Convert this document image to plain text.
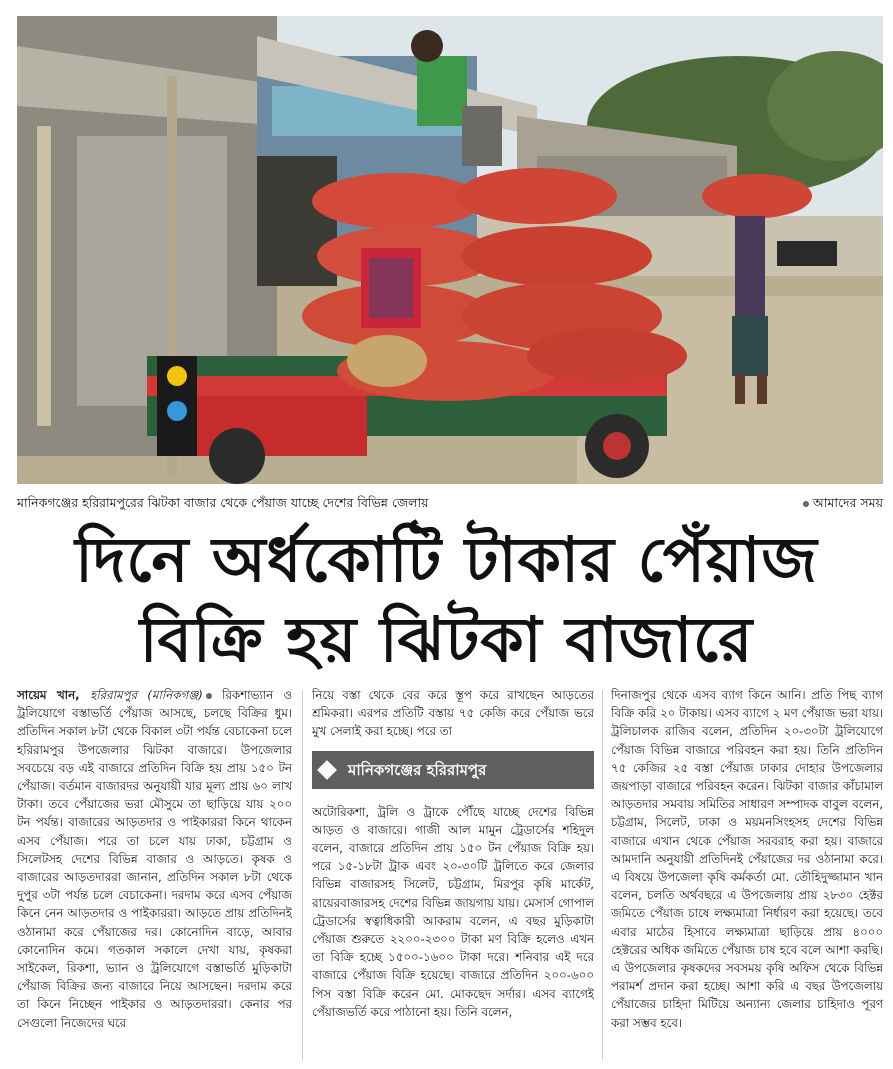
মানিকগঞ্জের হরিরামপুরের ঝিটকা বাজার থেকে পেঁয়াজ যাচ্ছে দেশের বিভিন্ন জেলায়	আমাদের সময়
দিনে অর্ধকোটি টাকার পেঁয়াজ
বিক্রি হয় ঝিটকা বাজারে

সায়েম খান, হরিরামপুর (মানিকগঞ্জ) রিকশাভ্যান ও ট্রলিযোগে বস্তাভর্তি পেঁয়াজ আসছে, চলছে বিক্রির ধুম। প্রতিদিন সকাল ৮টা থেকে বিকাল ৩টা পর্যন্ত বেচাকেনা চলে হরিরামপুর উপজেলার ঝিটকা বাজারে। উপজেলার সবচেয়ে বড় এই বাজারে প্রতিদিন বিক্রি হয় প্রায় ১৫০ টন পেঁয়াজ। বর্তমান বাজারদর অনুযায়ী যার মূল্য প্রায় ৬০ লাখ টাকা। তবে পেঁয়াজের ভরা মৌসুমে তা ছাড়িয়ে যায় ২০০ টন পর্যন্ত। বাজারের আড়তদার ও পাইকাররা কিনে থাকেন এসব পেঁয়াজ। পরে তা চলে যায় ঢাকা, চট্টগ্রাম ও সিলেটসহ দেশের বিভিন্ন বাজার ও আড়তে। কৃষক ও বাজারের আড়তদাররা জানান, প্রতিদিন সকাল ৮টা থেকে দুপুর ৩টা পর্যন্ত চলে বেচাকেনা। দরদাম করে এসব পেঁয়াজ কিনে নেন আড়তদার ও পাইকাররা। আড়তে প্রায় প্রতিদিনই ওঠানামা করে পেঁয়াজের দর। কোনোদিন বাড়ে, আবার কোনোদিন কমে। গতকাল সকালে দেখা যায়, কৃষকরা সাইকেল, রিকশা, ভ্যান ও ট্রলিযোগে বস্তাভর্তি মুড়িকাটা পেঁয়াজ বিক্রির জন্য বাজারে নিয়ে আসছেন। দরদাম করে তা কিনে নিচ্ছেন পাইকার ও আড়তদাররা। কেনার পর সেগুলো নিজেদের ঘরে

নিয়ে বস্তা থেকে বের করে স্তূপ করে রাখছেন আড়তের শ্রমিকরা। এরপর প্রতিটি বস্তায় ৭৫ কেজি করে পেঁয়াজ ভরে মুখ সেলাই করা হচ্ছে। পরে তা

মানিকগঞ্জের হরিরামপুর

অটোরিকশা, ট্রলি ও ট্রাকে পৌঁছে যাচ্ছে দেশের বিভিন্ন আড়ত ও বাজারে। গাজী আল মামুন ট্রেডার্সের শহিদুল বলেন, বাজারে প্রতিদিন প্রায় ১৫০ টন পেঁয়াজ বিক্রি হয়। পরে ১৫-১৮টা ট্রাক এবং ২০-৩০টি ট্রলিতে করে জেলার বিভিন্ন বাজারসহ সিলেট, চট্টগ্রাম, মিরপুর কৃষি মার্কেট, রায়েরবাজারসহ দেশের বিভিন্ন জায়গায় যায়। মেসার্স গোপাল ট্রেডার্সের স্বত্বাধিকারী আকরাম বলেন, এ বছর মুড়িকাটা পেঁয়াজ শুরুতে ২২০০-২৩০০ টাকা মণ বিক্রি হলেও এখন তা বিক্রি হচ্ছে ১৫০০-১৬০০ টাকা দরে। শনিবার এই দরে বাজারে পেঁয়াজ বিক্রি হয়েছে। বাজারে প্রতিদিন ২০০-৬০০ পিস বস্তা বিক্রি করেন মো. মোকছেদ সর্দার। এসব ব্যাগেই পেঁয়াজভর্তি করে পাঠানো হয়। তিনি বলেন,

দিনাজপুর থেকে এসব ব্যাগ কিনে আনি। প্রতি পিছ ব্যাগ বিক্রি করি ২০ টাকায়। এসব ব্যাগে ২ মণ পেঁয়াজ ভরা যায়। ট্রলিচালক রাজিব বলেন, প্রতিদিন ২০-৩০টা ট্রলিযোগে পেঁয়াজ বিভিন্ন বাজারে পরিবহন করা হয়। তিনি প্রতিদিন ৭৫ কেজির ২৫ বস্তা পেঁয়াজ ঢাকার দোহার উপজেলার জয়পাড়া বাজারে পরিবহন করেন। ঝিটকা বাজার কাঁচামাল আড়তদার সমবায় সমিতির সাধারণ সম্পাদক বাবুল বলেন, চট্টগ্রাম, সিলেট, ঢাকা ও ময়মনসিংহসহ দেশের বিভিন্ন বাজারে এখান থেকে পেঁয়াজ সরবরাহ করা হয়। বাজারে আমদানি অনুযায়ী প্রতিদিনই পেঁয়াজের দর ওঠানামা করে। এ বিষয়ে উপজেলা কৃষি কর্মকর্তা মো. তৌহিদুজ্জামান খান বলেন, চলতি অর্থবছরে এ উপজেলায় প্রায় ২৮৩০ হেক্টর জমিতে পেঁয়াজ চাষে লক্ষ্যমাত্রা নির্ধারণ করা হয়েছে। তবে এবার মাঠের হিসাবে লক্ষ্যমাত্রা ছাড়িয়ে প্রায় ৪০০০ হেক্টরের অধিক জমিতে পেঁয়াজ চাষ হবে বলে আশা করছি। এ উপজেলার কৃষকদের সবসময় কৃষি অফিস থেকে বিভিন্ন পরামর্শ প্রদান করা হচ্ছে। আশা করি এ বছর উপজেলায় পেঁয়াজের চাহিদা মিটিয়ে অন্যান্য জেলার চাহিদাও পূরণ করা সম্ভব হবে।
